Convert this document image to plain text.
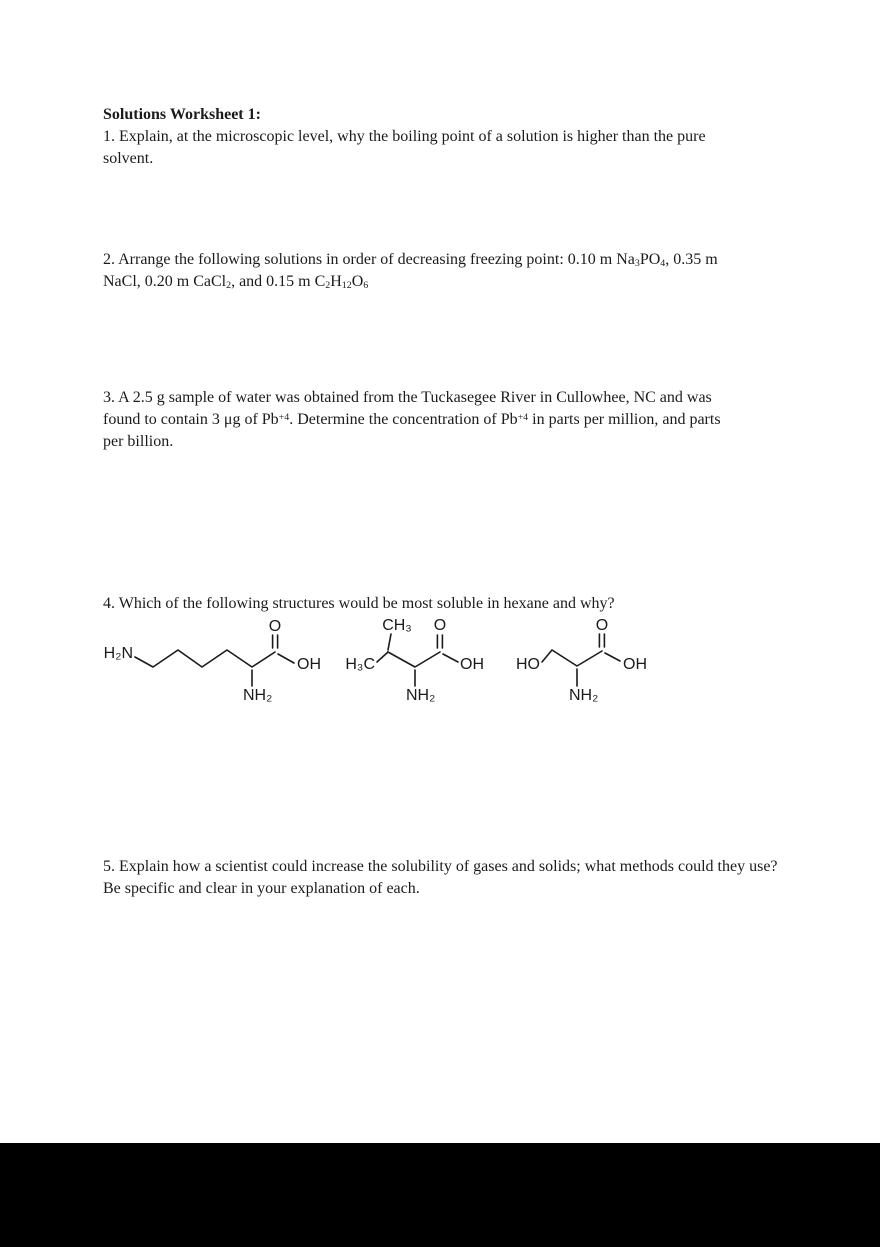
Solutions Worksheet 1:
1. Explain, at the microscopic level, why the boiling point of a solution is higher than the pure
solvent.
2. Arrange the following solutions in order of decreasing freezing point: 0.10 m $Na_3PO_4$, 0.35 m
NaCl, 0.20 m CaCl$_2$, and 0.15 m $C_2H_{12}O_6$
3. A 2.5 g sample of water was obtained from the Tuckasegee River in Cullowhee, NC and was
found to contain 3 μg of $Pb^{+4}$. Determine the concentration of $Pb^{+4}$ in parts per million, and parts
per billion.
4. Which of the following structures would be most soluble in hexane and why?
H₂N
O
OH
NH₂
CH₃
H₃C
O
OH
NH₂
HO
O
OH
NH₂
5. Explain how a scientist could increase the solubility of gases and solids; what methods could they use?
Be specific and clear in your explanation of each.
